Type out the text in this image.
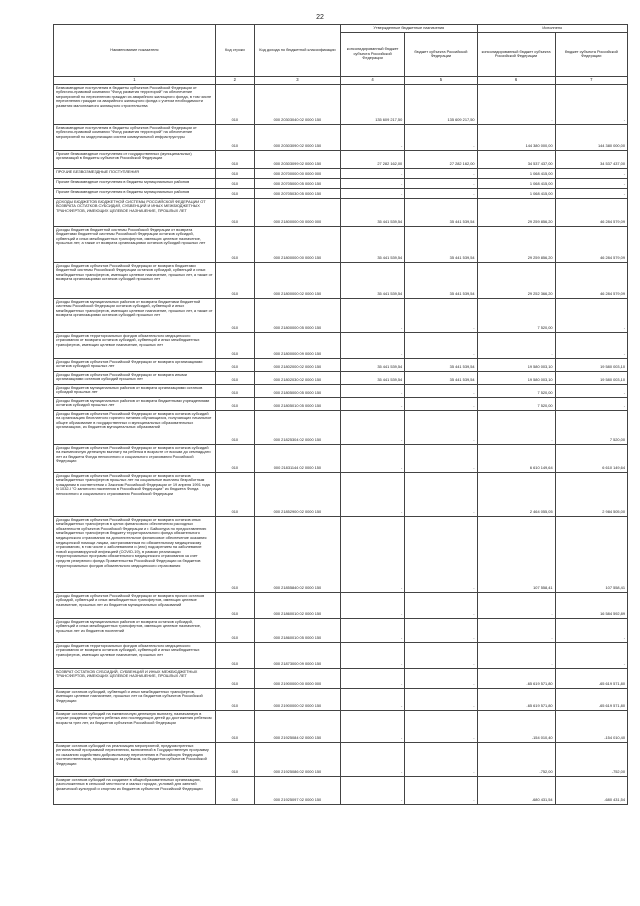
22
Наименование показателя	Код строки	Код дохода по бюджетной классификации	Утвержденные бюджетные назначения		Исполнено	
			консолидированный бюджет субъекта Российской Федерации	бюджет субъекта Российской Федерации	консолидированный бюджет субъекта Российской Федерации	бюджет субъекта Российской Федерации
1	2	3	4	5	6	7
Безвозмездные поступления в бюджеты субъектов Российской Федерации от публично-правовой компании "Фонд развития территорий" на обеспечение мероприятий по переселению граждан из аварийного жилищного фонда, в том числе переселению граждан из аварийного жилищного фонда с учетом необходимости развития малоэтажного жилищного строительства	010	000 20303040 02 0000 150	135 609 217,50	135 609 217,50	-	-
Безвозмездные поступления в бюджеты субъектов Российской Федерации от публично-правовой компании "Фонд развития территорий" на обеспечение мероприятий по модернизации систем коммунальной инфраструктуры	010	000 20303090 02 0000 150	-	-	144 380 000,00	144 380 000,00
Прочие безвозмездные поступления от государственных (муниципальных) организаций в бюджеты субъектов Российской Федерации	010	000 20303099 02 0000 150	27 282 162,00	27 282 162,00	34 537 437,00	34 537 437,00
ПРОЧИЕ БЕЗВОЗМЕЗДНЫЕ ПОСТУПЛЕНИЯ	010	000 20700000 00 0000 000	-	-	1 068 415,00	-
Прочие безвозмездные поступления в бюджеты муниципальных районов	010	000 20705000 05 0000 150	-	-	1 068 415,00	-
Прочие безвозмездные поступления в бюджеты муниципальных районов	010	000 20705030 05 0000 150	-	-	1 068 415,00	-
ДОХОДЫ БЮДЖЕТОВ БЮДЖЕТНОЙ СИСТЕМЫ РОССИЙСКОЙ ФЕДЕРАЦИИ ОТ ВОЗВРАТА ОСТАТКОВ СУБСИДИЙ, СУБВЕНЦИЙ И ИНЫХ МЕЖБЮДЖЕТНЫХ ТРАНСФЕРТОВ, ИМЕЮЩИХ ЦЕЛЕВОЕ НАЗНАЧЕНИЕ, ПРОШЛЫХ ЛЕТ	010	000 21800000 00 0000 000	35 441 539,54	35 441 539,54	29 259 856,20	46 284 579,09
Доходы бюджетов бюджетной системы Российской Федерации от возврата бюджетами бюджетной системы Российской Федерации остатков субсидий, субвенций и иных межбюджетных трансфертов, имеющих целевое назначение, прошлых лет, а также от возврата организациями остатков субсидий прошлых лет	010	000 21800000 00 0000 150	35 441 539,54	35 441 539,54	29 259 856,20	46 284 579,09
Доходы бюджетов субъектов Российской Федерации от возврата бюджетами бюджетной системы Российской Федерации остатков субсидий, субвенций и иных межбюджетных трансфертов, имеющих целевое назначение, прошлых лет, а также от возврата организациями остатков субсидий прошлых лет	010	000 21800000 02 0000 150	35 441 539,54	35 441 539,54	29 252 366,20	46 284 579,09
Доходы бюджетов муниципальных районов от возврата бюджетами бюджетной системы Российской Федерации остатков субсидий, субвенций и иных межбюджетных трансфертов, имеющих целевое назначение, прошлых лет, а также от возврата организациями остатков субсидий прошлых лет	010	000 21800000 05 0000 150	-	-	7 520,00	-
Доходы бюджетов территориальных фондов обязательного медицинского страхования от возврата остатков субсидий, субвенций и иных межбюджетных трансфертов, имеющих целевое назначение, прошлых лет	010	000 21800000 09 0000 150	-	-	-	-
Доходы бюджетов субъектов Российской Федерации от возврата организациями остатков субсидий прошлых лет	010	000 21802000 02 0000 150	35 441 539,54	35 441 539,54	19 580 003,10	19 580 003,10
Доходы бюджетов субъектов Российской Федерации от возврата иными организациями остатков субсидий прошлых лет	010	000 21802030 02 0000 150	35 441 539,54	35 441 539,54	19 580 003,10	19 580 003,10
Доходы бюджетов муниципальных районов от возврата организациями остатков субсидий прошлых лет	010	000 21805000 05 0000 150	-	-	7 520,00	-
Доходы бюджетов муниципальных районов от возврата бюджетными учреждениями остатков субсидий прошлых лет	010	000 21805010 05 0000 150	-	-	7 520,00	-
Доходы бюджетов субъектов Российской Федерации от возврата остатков субсидий на организацию бесплатного горячего питания обучающихся, получающих начальное общее образование в государственных и муниципальных образовательных организациях, из бюджетов муниципальных образований	010	000 21825304 02 0000 150	-	-	-	7 520,00
Доходы бюджетов субъектов Российской Федерации от возврата остатков субсидий на ежемесячную денежную выплату на ребенка в возрасте от восьми до семнадцати лет из бюджета Фонда пенсионного и социального страхования Российской Федерации	010	000 21831144 02 0000 150	-	-	6 610 149,64	6 610 149,64
Доходы бюджетов субъектов Российской Федерации от возврата остатков межбюджетных трансфертов прошлых лет на социальные выплаты безработным гражданам в соответствии с Законом Российской Федерации от 19 апреля 1991 года N 1032-I "О занятости населения в Российской Федерации" из бюджета Фонда пенсионного и социального страхования Российской Федерации	010	000 21852900 02 0000 150	-	-	2 464 055,05	2 984 505,00
Доходы бюджетов субъектов Российской Федерации от возврата остатков иных межбюджетных трансфертов в целях финансового обеспечения расходных обязательств субъектов Российской Федерации и г. Байконура по предоставлению межбюджетных трансфертов бюджету территориального фонда обязательного медицинского страхования на дополнительное финансовое обеспечение оказания медицинской помощи лицам, застрахованным по обязательному медицинскому страхованию, в том числе с заболеванием и (или) подозрением на заболевание новой коронавирусной инфекцией (COVID-19), в рамках реализации территориальных программ обязательного медицинского страхования за счет средств резервного фонда Правительства Российской Федерации из бюджетов территориальных фондов обязательного медицинского страхования	010	000 21855840 02 0000 150	-	-	107 558,41	107 558,41
Доходы бюджетов субъектов Российской Федерации от возврата прочих остатков субсидий, субвенций и иных межбюджетных трансфертов, имеющих целевое назначение, прошлых лет из бюджетов муниципальных образований	010	000 21860010 02 0000 150	-	-	-	16 584 592,89
Доходы бюджетов муниципальных районов от возврата остатков субсидий, субвенций и иных межбюджетных трансфертов, имеющих целевое назначение, прошлых лет из бюджетов поселений	010	000 21860010 05 0000 150	-	-	-	-
Доходы бюджетов территориальных фондов обязательного медицинского страхования от возврата остатков субсидий, субвенций и иных межбюджетных трансфертов, имеющих целевое назначение, прошлых лет	010	000 21873000 09 0000 150	-	-	-	-
ВОЗВРАТ ОСТАТКОВ СУБСИДИЙ, СУБВЕНЦИЙ И ИНЫХ МЕЖБЮДЖЕТНЫХ ТРАНСФЕРТОВ, ИМЕЮЩИХ ЦЕЛЕВОЕ НАЗНАЧЕНИЕ, ПРОШЛЫХ ЛЕТ	010	000 21900000 00 0000 000	-	-	-65 619 571,80	-65 619 571,80
Возврат остатков субсидий, субвенций и иных межбюджетных трансфертов, имеющих целевое назначение, прошлых лет из бюджетов субъектов Российской Федерации	010	000 21900000 02 0000 150	-	-	-65 619 571,80	-65 619 571,80
Возврат остатков субсидий на ежемесячную денежную выплату, назначаемую в случае рождения третьего ребенка или последующих детей до достижения ребенком возраста трех лет, из бюджетов субъектов Российской Федерации	010	000 21925084 02 0000 150	-	-	-154 010,40	-154 010,40
Возврат остатков субсидий на реализацию мероприятий, предусмотренных региональной программой переселения, включенной в Государственную программу по оказанию содействия добровольному переселению в Российскую Федерацию соотечественников, проживающих за рубежом, из бюджетов субъектов Российской Федерации	010	000 21925086 02 0000 150	-	-	-752,00	-752,00
Возврат остатков субсидий на создание в общеобразовательных организациях, расположенных в сельской местности и малых городах, условий для занятий физической культурой и спортом из бюджетов субъектов Российской Федерации	010	000 21925097 02 0000 150	-	-	-680 431,54	-680 431,54
